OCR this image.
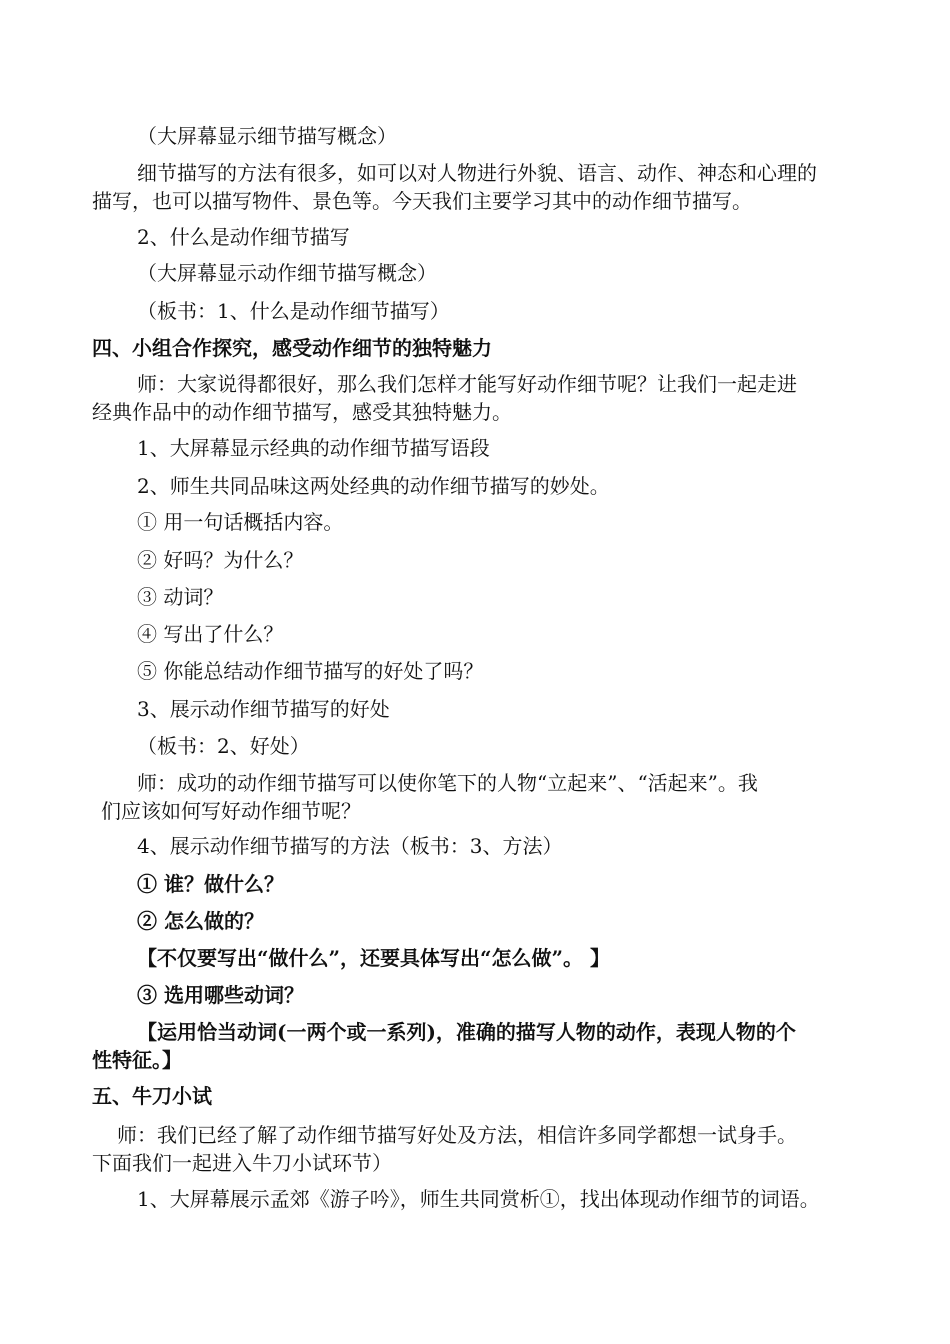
（大屏幕显示细节描写概念）
细节描写的方法有很多，如可以对人物进行外貌、语言、动作、神态和心理的
描写，也可以描写物件、景色等。今天我们主要学习其中的动作细节描写。
2、什么是动作细节描写
（大屏幕显示动作细节描写概念）
（板书：1、什么是动作细节描写）
四、小组合作探究，感受动作细节的独特魅力
师：大家说得都很好，那么我们怎样才能写好动作细节呢？让我们一起走进
经典作品中的动作细节描写，感受其独特魅力。
1、大屏幕显示经典的动作细节描写语段
2、师生共同品味这两处经典的动作细节描写的妙处。
① 用一句话概括内容。
② 好吗？为什么？
③ 动词？
④ 写出了什么？
⑤ 你能总结动作细节描写的好处了吗？
3、展示动作细节描写的好处
（板书：2、好处）
师：成功的动作细节描写可以使你笔下的人物“立起来”、“活起来”。我
们应该如何写好动作细节呢？
4、展示动作细节描写的方法（板书：3、方法）
① 谁？做什么？
② 怎么做的？
【不仅要写出“做什么”，还要具体写出“怎么做”。 】
③ 选用哪些动词？
【运用恰当动词(一两个或一系列)，准确的描写人物的动作，表现人物的个
性特征。】
五、牛刀小试
师：我们已经了解了动作细节描写好处及方法，相信许多同学都想一试身手。
下面我们一起进入牛刀小试环节）
1、大屏幕展示孟郊《游子吟》，师生共同赏析①，找出体现动作细节的词语。
